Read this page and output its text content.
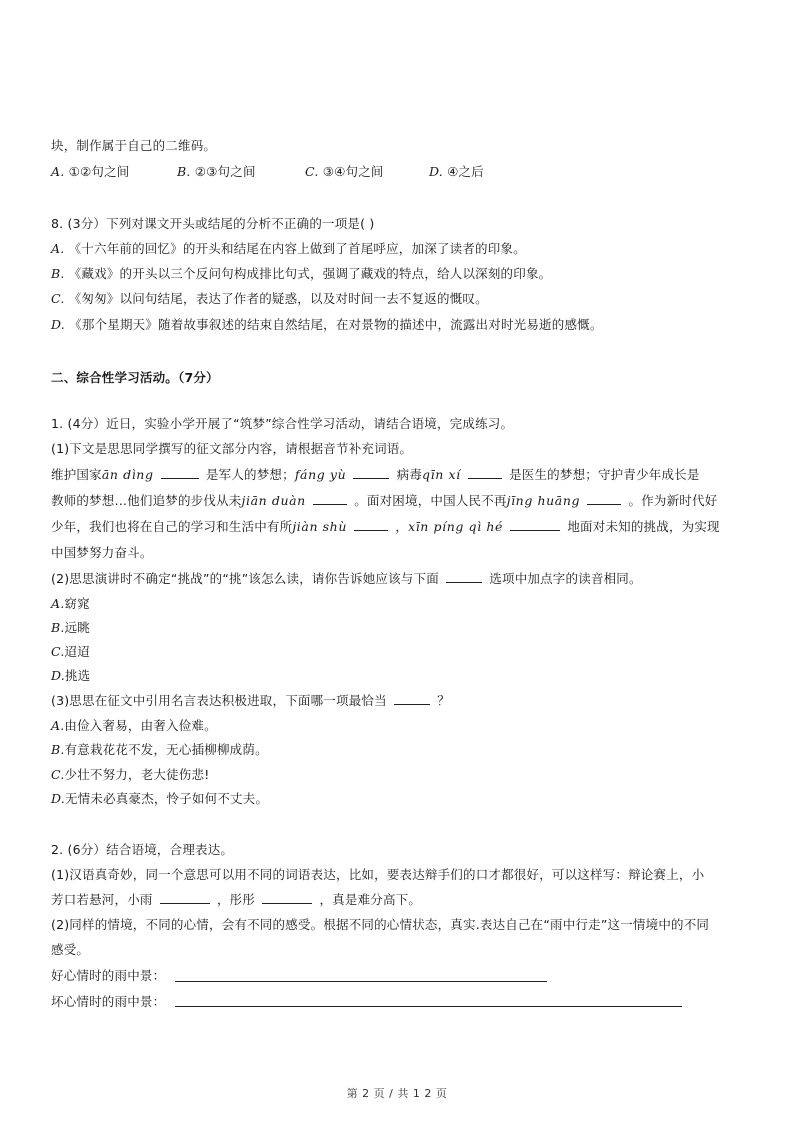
块，制作属于自己的二维码。
A. ①②句之间	B. ②③句之间	C. ③④句之间	D. ④之后
8. (3分）下列对课文开头或结尾的分析不正确的一项是( )
A. 《十六年前的回忆》的开头和结尾在内容上做到了首尾呼应，加深了读者的印象。
B. 《藏戏》的开头以三个反问句构成排比句式，强调了藏戏的特点，给人以深刻的印象。
C. 《匆匆》以问句结尾，表达了作者的疑惑，以及对时间一去不复返的慨叹。
D. 《那个星期天》随着故事叙述的结束自然结尾，在对景物的描述中，流露出对时光易逝的感慨。
二、综合性学习活动。（7分）
1. (4分）近日，实验小学开展了“筑梦”综合性学习活动，请结合语境，完成练习。
(1)下文是思思同学撰写的征文部分内容，请根据音节补充词语。
维护国家ān dìng	是军人的梦想；fáng yù	病毒qīn xí	是医生的梦想；守护青少年成长是
教师的梦想…他们追梦的步伐从未jiān duàn	。面对困境，中国人民不再jīng huāng	。作为新时代好
少年，我们也将在自己的学习和生活中有所jiàn shù	，xīn píng qì hé	地面对未知的挑战，为实现
中国梦努力奋斗。
(2)思思演讲时不确定“挑战”的“挑”该怎么读，请你告诉她应该与下面	选项中加点字的读音相同。
A.窈窕
B.远眺
C.迢迢
D.挑选
(3)思思在征文中引用名言表达积极进取，下面哪一项最恰当	？
A.由俭入奢易，由奢入俭难。
B.有意栽花花不发，无心插柳柳成荫。
C.少壮不努力，老大徒伤悲!
D.无情未必真豪杰，怜子如何不丈夫。
2. (6分）结合语境，合理表达。
(1)汉语真奇妙，同一个意思可以用不同的词语表达，比如，要表达辩手们的口才都很好，可以这样写：辩论赛上，小
芳口若悬河，小雨	，彤彤	，真是难分高下。
(2)同样的情境，不同的心情，会有不同的感受。根据不同的心情状态，真实.表达自己在“雨中行走”这一情境中的不同
感受。
好心情时的雨中景：
坏心情时的雨中景：
第 2 页 / 共 1 2 页
